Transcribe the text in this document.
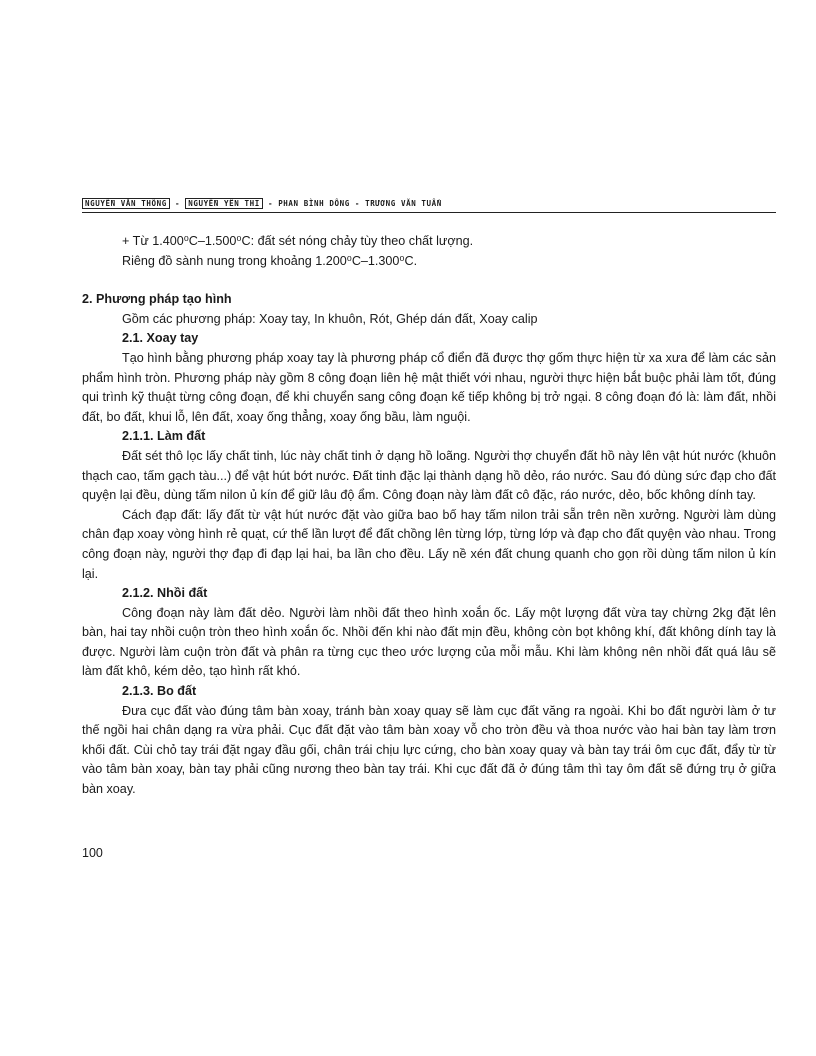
NGUYỄN VĂN THÔNG - NGUYỄN YÊN THI - PHAN BÌNH DÔNG - TRƯƠNG VĂN TUẤN

+ Từ 1.400⁰C–1.500⁰C: đất sét nóng chảy tùy theo chất lượng.

Riêng đồ sành nung trong khoảng 1.200⁰C–1.300⁰C.

2. Phương pháp tạo hình

Gồm các phương pháp: Xoay tay, In khuôn, Rót, Ghép dán đất, Xoay calip

2.1. Xoay tay

Tạo hình bằng phương pháp xoay tay là phương pháp cổ điển đã được thợ gốm thực hiện từ xa xưa để làm các sản phẩm hình tròn. Phương pháp này gồm 8 công đoạn liên hệ mật thiết với nhau, người thực hiện bắt buộc phải làm tốt, đúng qui trình kỹ thuật từng công đoạn, để khi chuyển sang công đoạn kế tiếp không bị trở ngại. 8 công đoạn đó là: làm đất, nhồi đất, bo đất, khui lỗ, lên đất, xoay ống thẳng, xoay ống bầu, làm nguội.

2.1.1. Làm đất

Đất sét thô lọc lấy chất tinh, lúc này chất tinh ở dạng hồ loãng. Người thợ chuyển đất hồ này lên vật hút nước (khuôn thạch cao, tấm gạch tàu...) để vật hút bớt nước. Đất tinh đặc lại thành dạng hồ dẻo, ráo nước. Sau đó dùng sức đạp cho đất quyện lại đều, dùng tấm nilon ủ kín để giữ lâu độ ẩm. Công đoạn này làm đất cô đặc, ráo nước, dẻo, bốc không dính tay.

Cách đạp đất: lấy đất từ vật hút nước đặt vào giữa bao bố hay tấm nilon trải sẵn trên nền xưởng. Người làm dùng chân đạp xoay vòng hình rẻ quạt, cứ thế lần lượt để đất chồng lên từng lớp, từng lớp và đạp cho đất quyện vào nhau. Trong công đoạn này, người thợ đạp đi đạp lại hai, ba lần cho đều. Lấy nề xén đất chung quanh cho gọn rồi dùng tấm nilon ủ kín lại.

2.1.2. Nhồi đất

Công đoạn này làm đất dẻo. Người làm nhồi đất theo hình xoắn ốc. Lấy một lượng đất vừa tay chừng 2kg đặt lên bàn, hai tay nhồi cuộn tròn theo hình xoắn ốc. Nhồi đến khi nào đất mịn đều, không còn bọt không khí, đất không dính tay là được. Người làm cuộn tròn đất và phân ra từng cục theo ước lượng của mỗi mẫu. Khi làm không nên nhồi đất quá lâu sẽ làm đất khô, kém dẻo, tạo hình rất khó.

2.1.3. Bo đất

Đưa cục đất vào đúng tâm bàn xoay, tránh bàn xoay quay sẽ làm cục đất văng ra ngoài. Khi bo đất người làm ở tư thế ngồi hai chân dạng ra vừa phải. Cục đất đặt vào tâm bàn xoay vỗ cho tròn đều và thoa nước vào hai bàn tay làm trơn khối đất. Cùi chỏ tay trái đặt ngay đầu gối, chân trái chịu lực cứng, cho bàn xoay quay và bàn tay trái ôm cục đất, đẩy từ từ vào tâm bàn xoay, bàn tay phải cũng nương theo bàn tay trái. Khi cục đất đã ở đúng tâm thì tay ôm đất sẽ đứng trụ ở giữa bàn xoay.

100
